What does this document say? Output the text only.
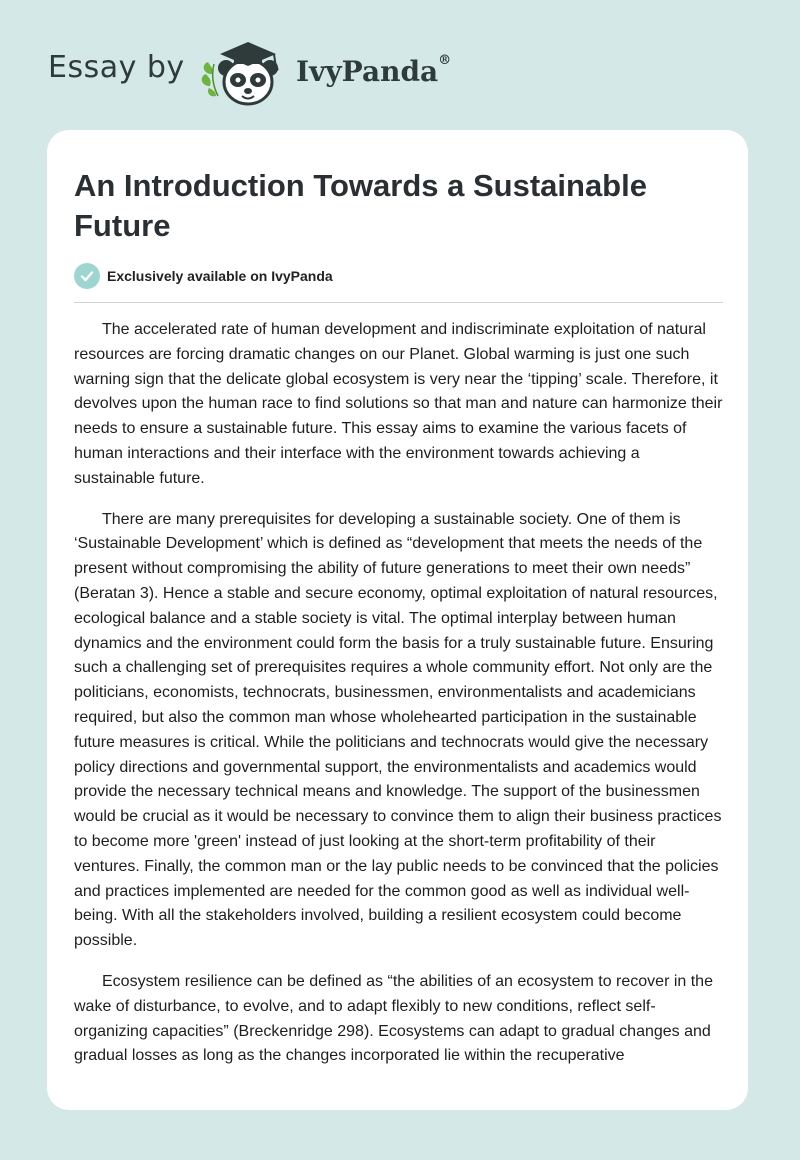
Essay by	IvyPanda®
An Introduction Towards a Sustainable Future
Exclusively available on IvyPanda

The accelerated rate of human development and indiscriminate exploitation of natural resources are forcing dramatic changes on our Planet. Global warming is just one such warning sign that the delicate global ecosystem is very near the ‘tipping’ scale. Therefore, it devolves upon the human race to find solutions so that man and nature can harmonize their needs to ensure a sustainable future. This essay aims to examine the various facets of human interactions and their interface with the environment towards achieving a sustainable future.

There are many prerequisites for developing a sustainable society. One of them is ‘Sustainable Development’ which is defined as “development that meets the needs of the present without compromising the ability of future generations to meet their own needs” (Beratan 3). Hence a stable and secure economy, optimal exploitation of natural resources, ecological balance and a stable society is vital. The optimal interplay between human dynamics and the environment could form the basis for a truly sustainable future. Ensuring such a challenging set of prerequisites requires a whole community effort. Not only are the politicians, economists, technocrats, businessmen, environmentalists and academicians required, but also the common man whose wholehearted participation in the sustainable future measures is critical. While the politicians and technocrats would give the necessary policy directions and governmental support, the environmentalists and academics would provide the necessary technical means and knowledge. The support of the businessmen would be crucial as it would be necessary to convince them to align their business practices to become more 'green' instead of just looking at the short-term profitability of their ventures. Finally, the common man or the lay public needs to be convinced that the policies and practices implemented are needed for the common good as well as individual well-being. With all the stakeholders involved, building a resilient ecosystem could become possible.

Ecosystem resilience can be defined as “the abilities of an ecosystem to recover in the wake of disturbance, to evolve, and to adapt flexibly to new conditions, reflect self-organizing capacities” (Breckenridge 298). Ecosystems can adapt to gradual changes and gradual losses as long as the changes incorporated lie within the recuperative
